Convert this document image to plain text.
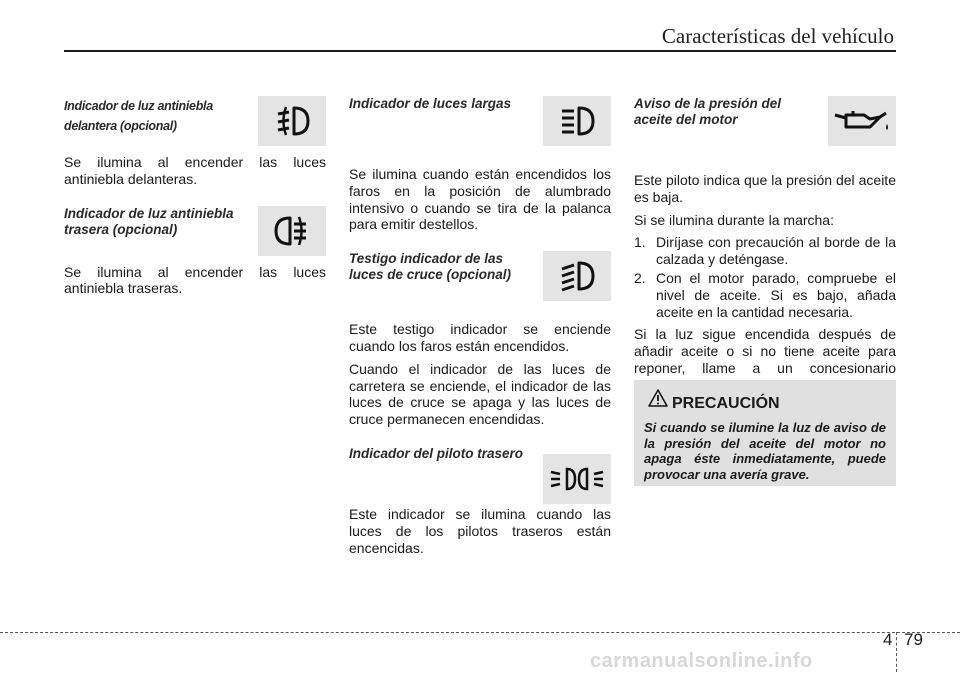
Características del vehículo

Indicador de luz antiniebla delantera (opcional)

Se ilumina al encender las luces antiniebla delanteras.

Indicador de luz antiniebla trasera (opcional)

Se ilumina al encender las luces antiniebla traseras.

Indicador de luces largas

Se ilumina cuando están encendidos los faros en la posición de alumbrado intensivo o cuando se tira de la palanca para emitir destellos.

Testigo indicador de las luces de cruce (opcional)

Este testigo indicador se enciende cuando los faros están encendidos.

Cuando el indicador de las luces de carretera se enciende, el indicador de las luces de cruce se apaga y las luces de cruce permanecen encendidas.

Indicador del piloto trasero

Este indicador se ilumina cuando las luces de los pilotos traseros están encencidas.

Aviso de la presión del aceite del motor

Este piloto indica que la presión del aceite es baja.

Si se ilumina durante la marcha:

1. Diríjase con precaución al borde de la calzada y deténgase.
2. Con el motor parado, compruebe el nivel de aceite. Si es bajo, añada aceite en la cantidad necesaria.

Si la luz sigue encendida después de añadir aceite o si no tiene aceite para reponer, llame a un concesionario

PRECAUCIÓN

Si cuando se ilumine la luz de aviso de la presión del aceite del motor no apaga éste inmediatamente, puede provocar una avería grave.

4 79
carmanualsonline.info
